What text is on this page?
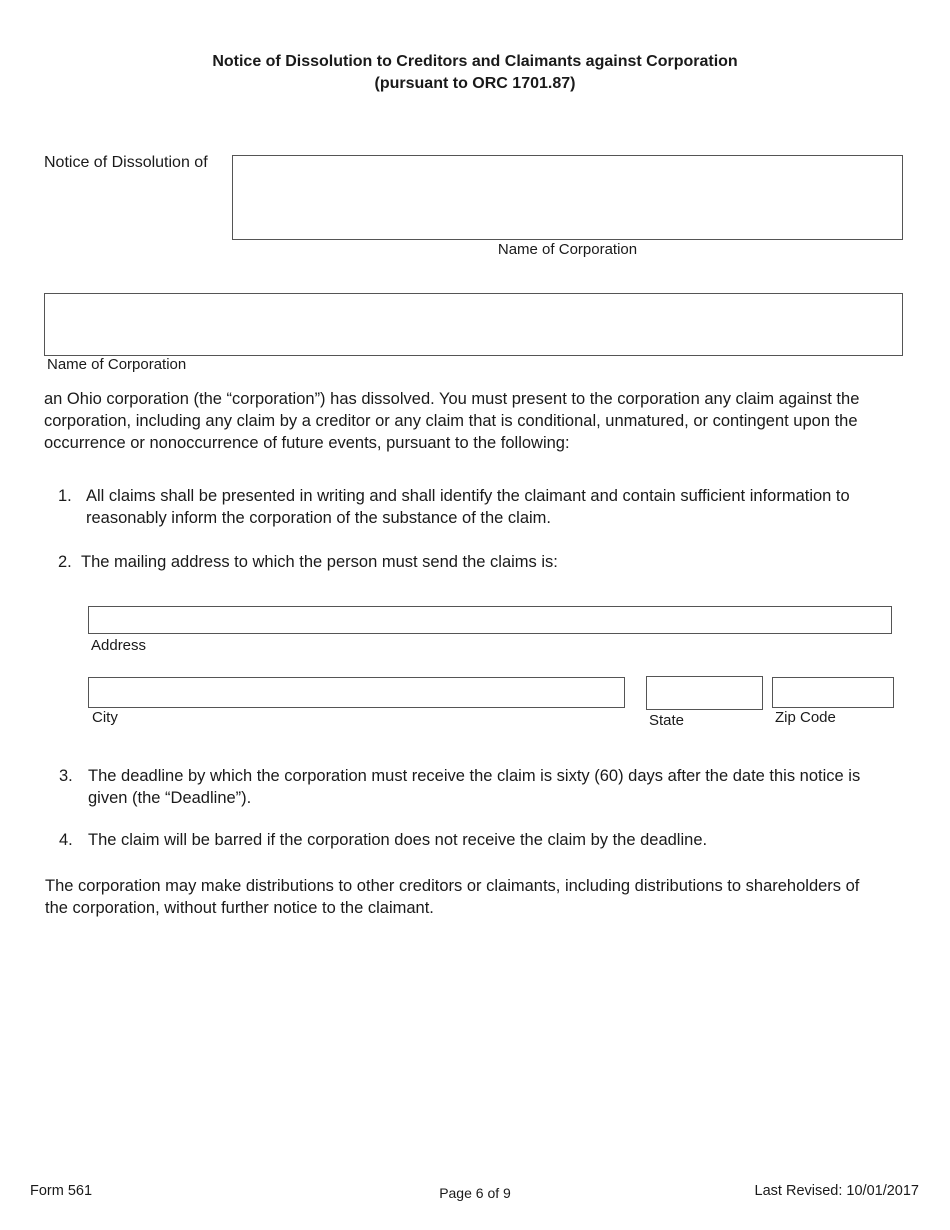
Notice of Dissolution to Creditors and Claimants against Corporation
(pursuant to ORC 1701.87)
Notice of Dissolution of
Name of Corporation
Name of Corporation
an Ohio corporation (the “corporation”) has dissolved. You must present to the corporation any claim against the
corporation, including any claim by a creditor or any claim that is conditional, unmatured, or contingent upon the
occurrence or nonoccurrence of future events, pursuant to the following:
1. All claims shall be presented in writing and shall identify the claimant and contain sufficient information to
reasonably inform the corporation of the substance of the claim.
2. The mailing address to which the person must send the claims is:
Address
City	State	Zip Code
3. The deadline by which the corporation must receive the claim is sixty (60) days after the date this notice is
given (the “Deadline”).
4. The claim will be barred if the corporation does not receive the claim by the deadline.
The corporation may make distributions to other creditors or claimants, including distributions to shareholders of
the corporation, without further notice to the claimant.
Form 561	Page 6 of 9	Last Revised: 10/01/2017
